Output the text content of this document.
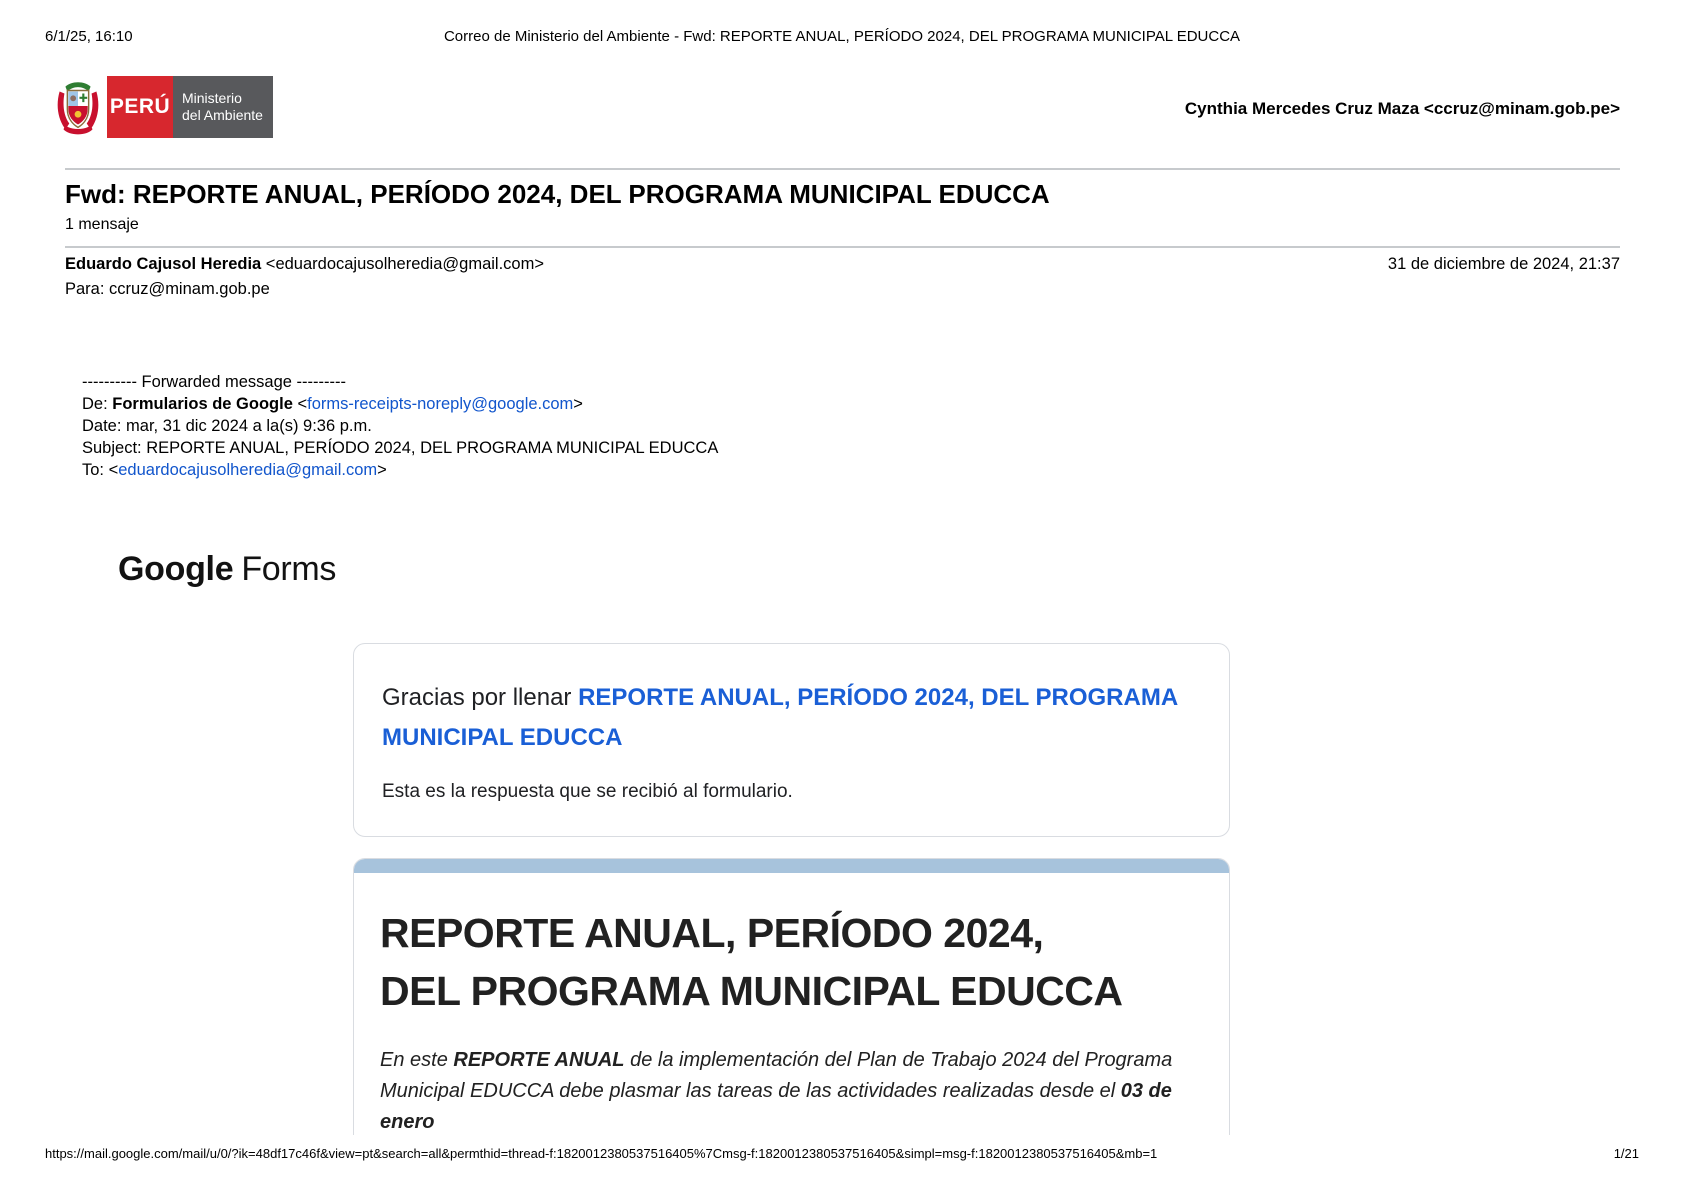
6/1/25, 16:10	Correo de Ministerio del Ambiente - Fwd: REPORTE ANUAL, PERÍODO 2024, DEL PROGRAMA MUNICIPAL EDUCCA
PERÚ Ministerio
del Ambiente	Cynthia Mercedes Cruz Maza <ccruz@minam.gob.pe>
Fwd: REPORTE ANUAL, PERÍODO 2024, DEL PROGRAMA MUNICIPAL EDUCCA
1 mensaje
Eduardo Cajusol Heredia <eduardocajusolheredia@gmail.com>	31 de diciembre de 2024, 21:37
Para: ccruz@minam.gob.pe
---------- Forwarded message ---------
De: Formularios de Google <forms-receipts-noreply@google.com>
Date: mar, 31 dic 2024 a la(s) 9:36 p.m.
Subject: REPORTE ANUAL, PERÍODO 2024, DEL PROGRAMA MUNICIPAL EDUCCA
To: <eduardocajusolheredia@gmail.com>
Google Forms
Gracias por llenar REPORTE ANUAL, PERÍODO 2024, DEL PROGRAMA MUNICIPAL EDUCCA
Esta es la respuesta que se recibió al formulario.
REPORTE ANUAL, PERÍODO 2024,
DEL PROGRAMA MUNICIPAL EDUCCA
En este REPORTE ANUAL de la implementación del Plan de Trabajo 2024 del Programa Municipal EDUCCA debe plasmar las tareas de las actividades realizadas desde el 03 de enero
https://mail.google.com/mail/u/0/?ik=48df17c46f&view=pt&search=all&permthid=thread-f:1820012380537516405%7Cmsg-f:1820012380537516405&simpl=msg-f:1820012380537516405&mb=1	1/21
